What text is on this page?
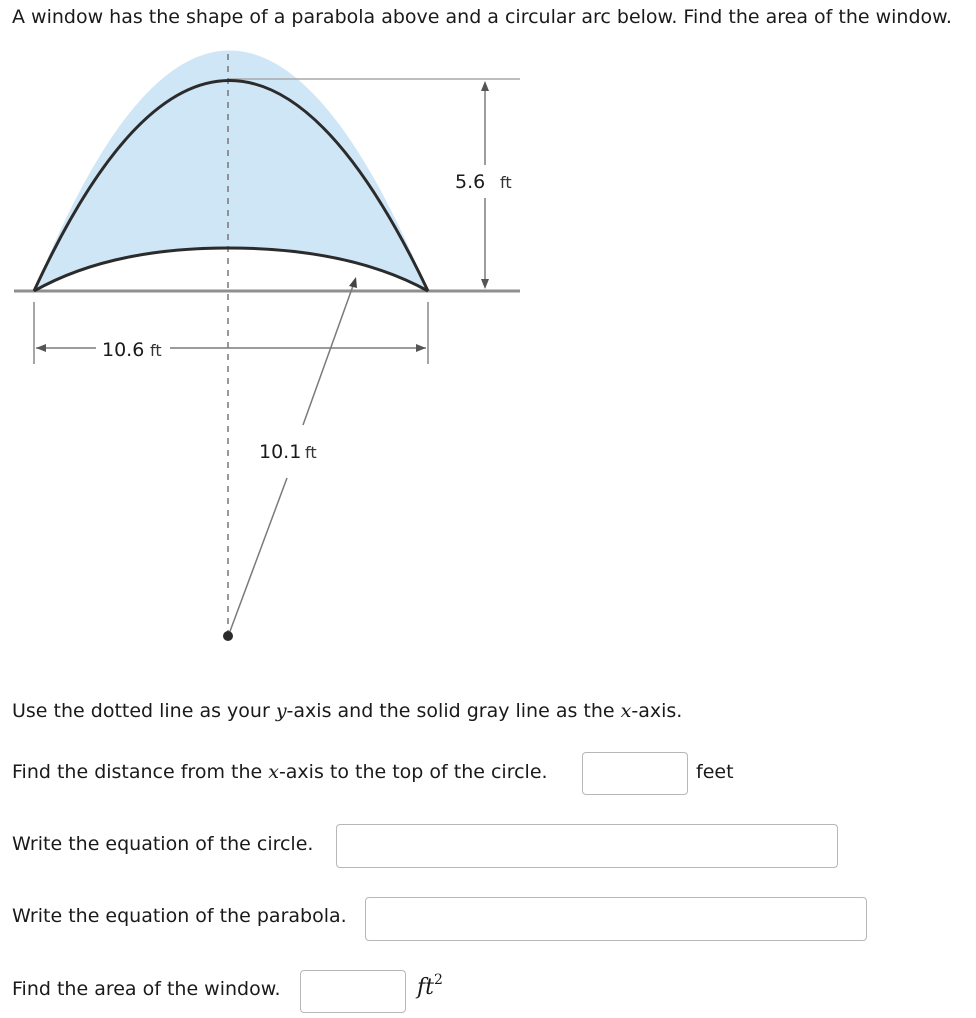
A window has the shape of a parabola above and a circular arc below. Find the area of the window.
5.6 ft
10.6 ft
10.1 ft
Use the dotted line as your y-axis and the solid gray line as the x-axis.
Find the distance from the x-axis to the top of the circle.	feet
Write the equation of the circle.
Write the equation of the parabola.
Find the area of the window.	$ft^2$
